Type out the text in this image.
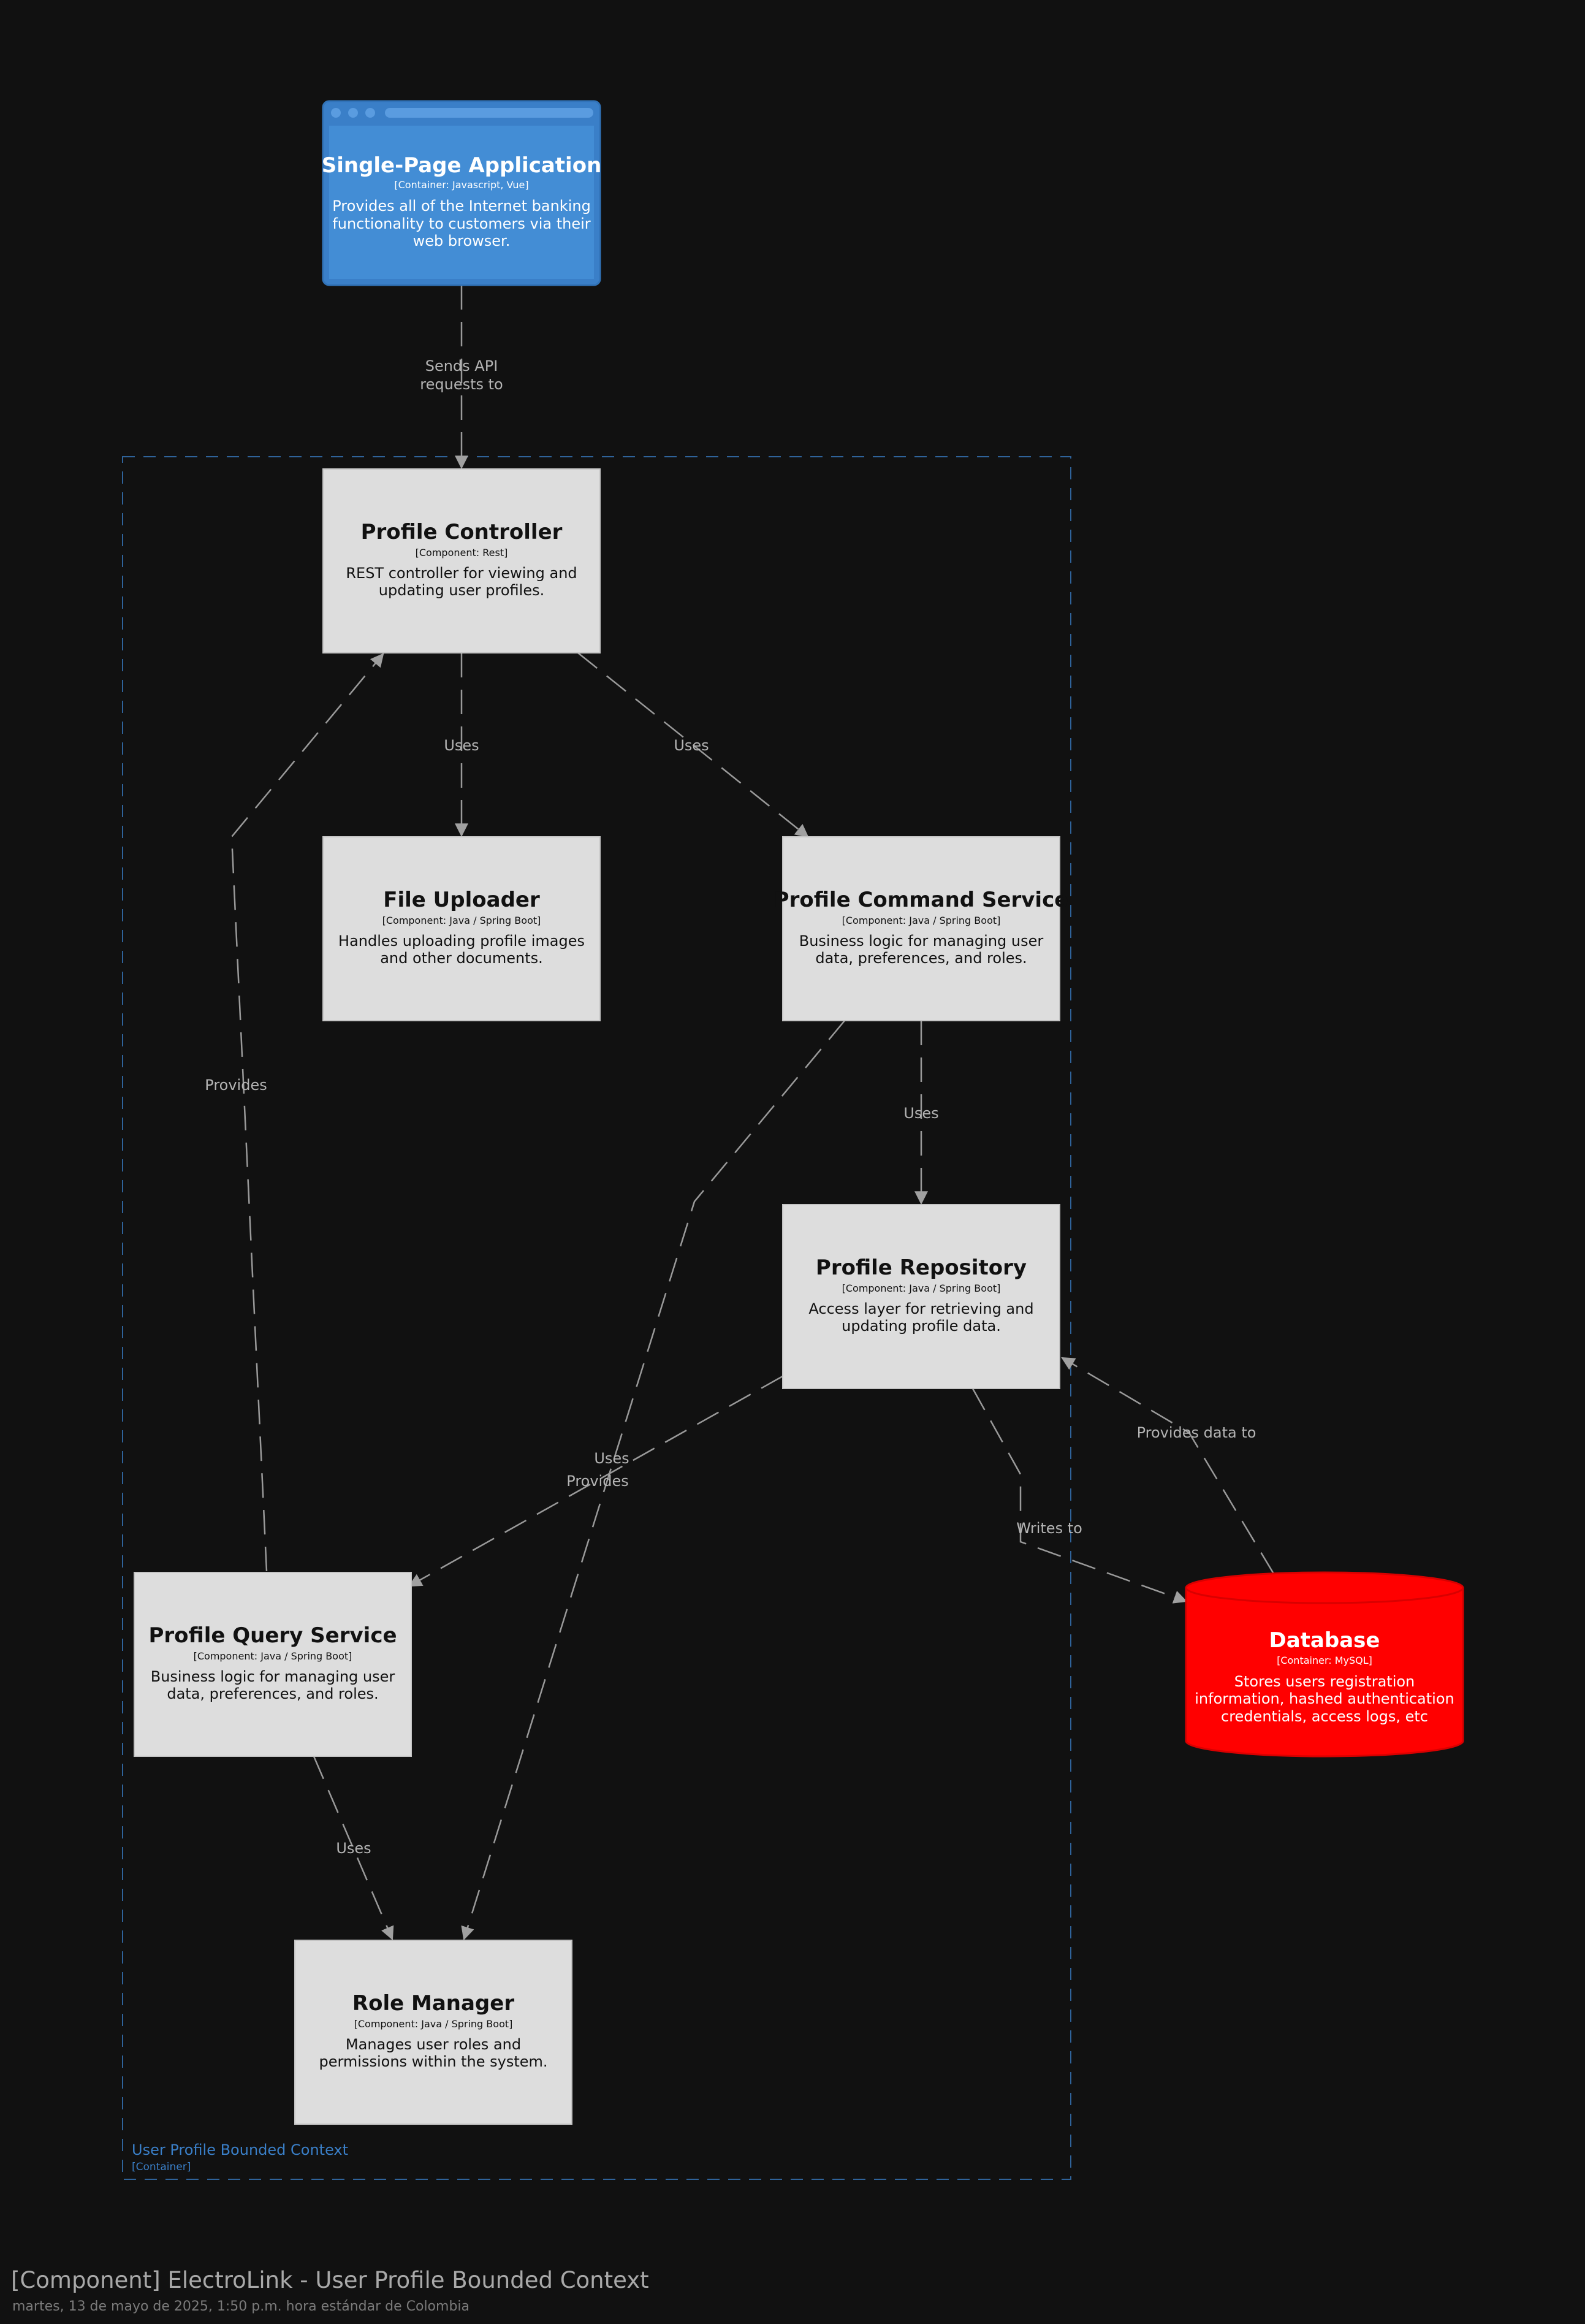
User Profile Bounded Context
[Container]
Sends API
requests to
Uses	Uses
Uses
Uses
Provides
Writes to
Provides data to
Provides
Uses
Single-Page Application
[Container: Javascript, Vue]
Provides all of the Internet banking
functionality to customers via their
web browser.
Profile Controller
[Component: Rest]
REST controller for viewing and
updating user profiles.
File Uploader
[Component: Java / Spring Boot]
Handles uploading profile images
and other documents.
Profile Command Service
[Component: Java / Spring Boot]
Business logic for managing user
data, preferences, and roles.
Profile Repository
[Component: Java / Spring Boot]
Access layer for retrieving and
updating profile data.
Profile Query Service
[Component: Java / Spring Boot]
Business logic for managing user
data, preferences, and roles.
Role Manager
[Component: Java / Spring Boot]
Manages user roles and
permissions within the system.
Database
[Container: MySQL]
Stores users registration
information, hashed authentication
credentials, access logs, etc
[Component] ElectroLink - User Profile Bounded Context
martes, 13 de mayo de 2025, 1:50 p.m. hora estándar de Colombia
